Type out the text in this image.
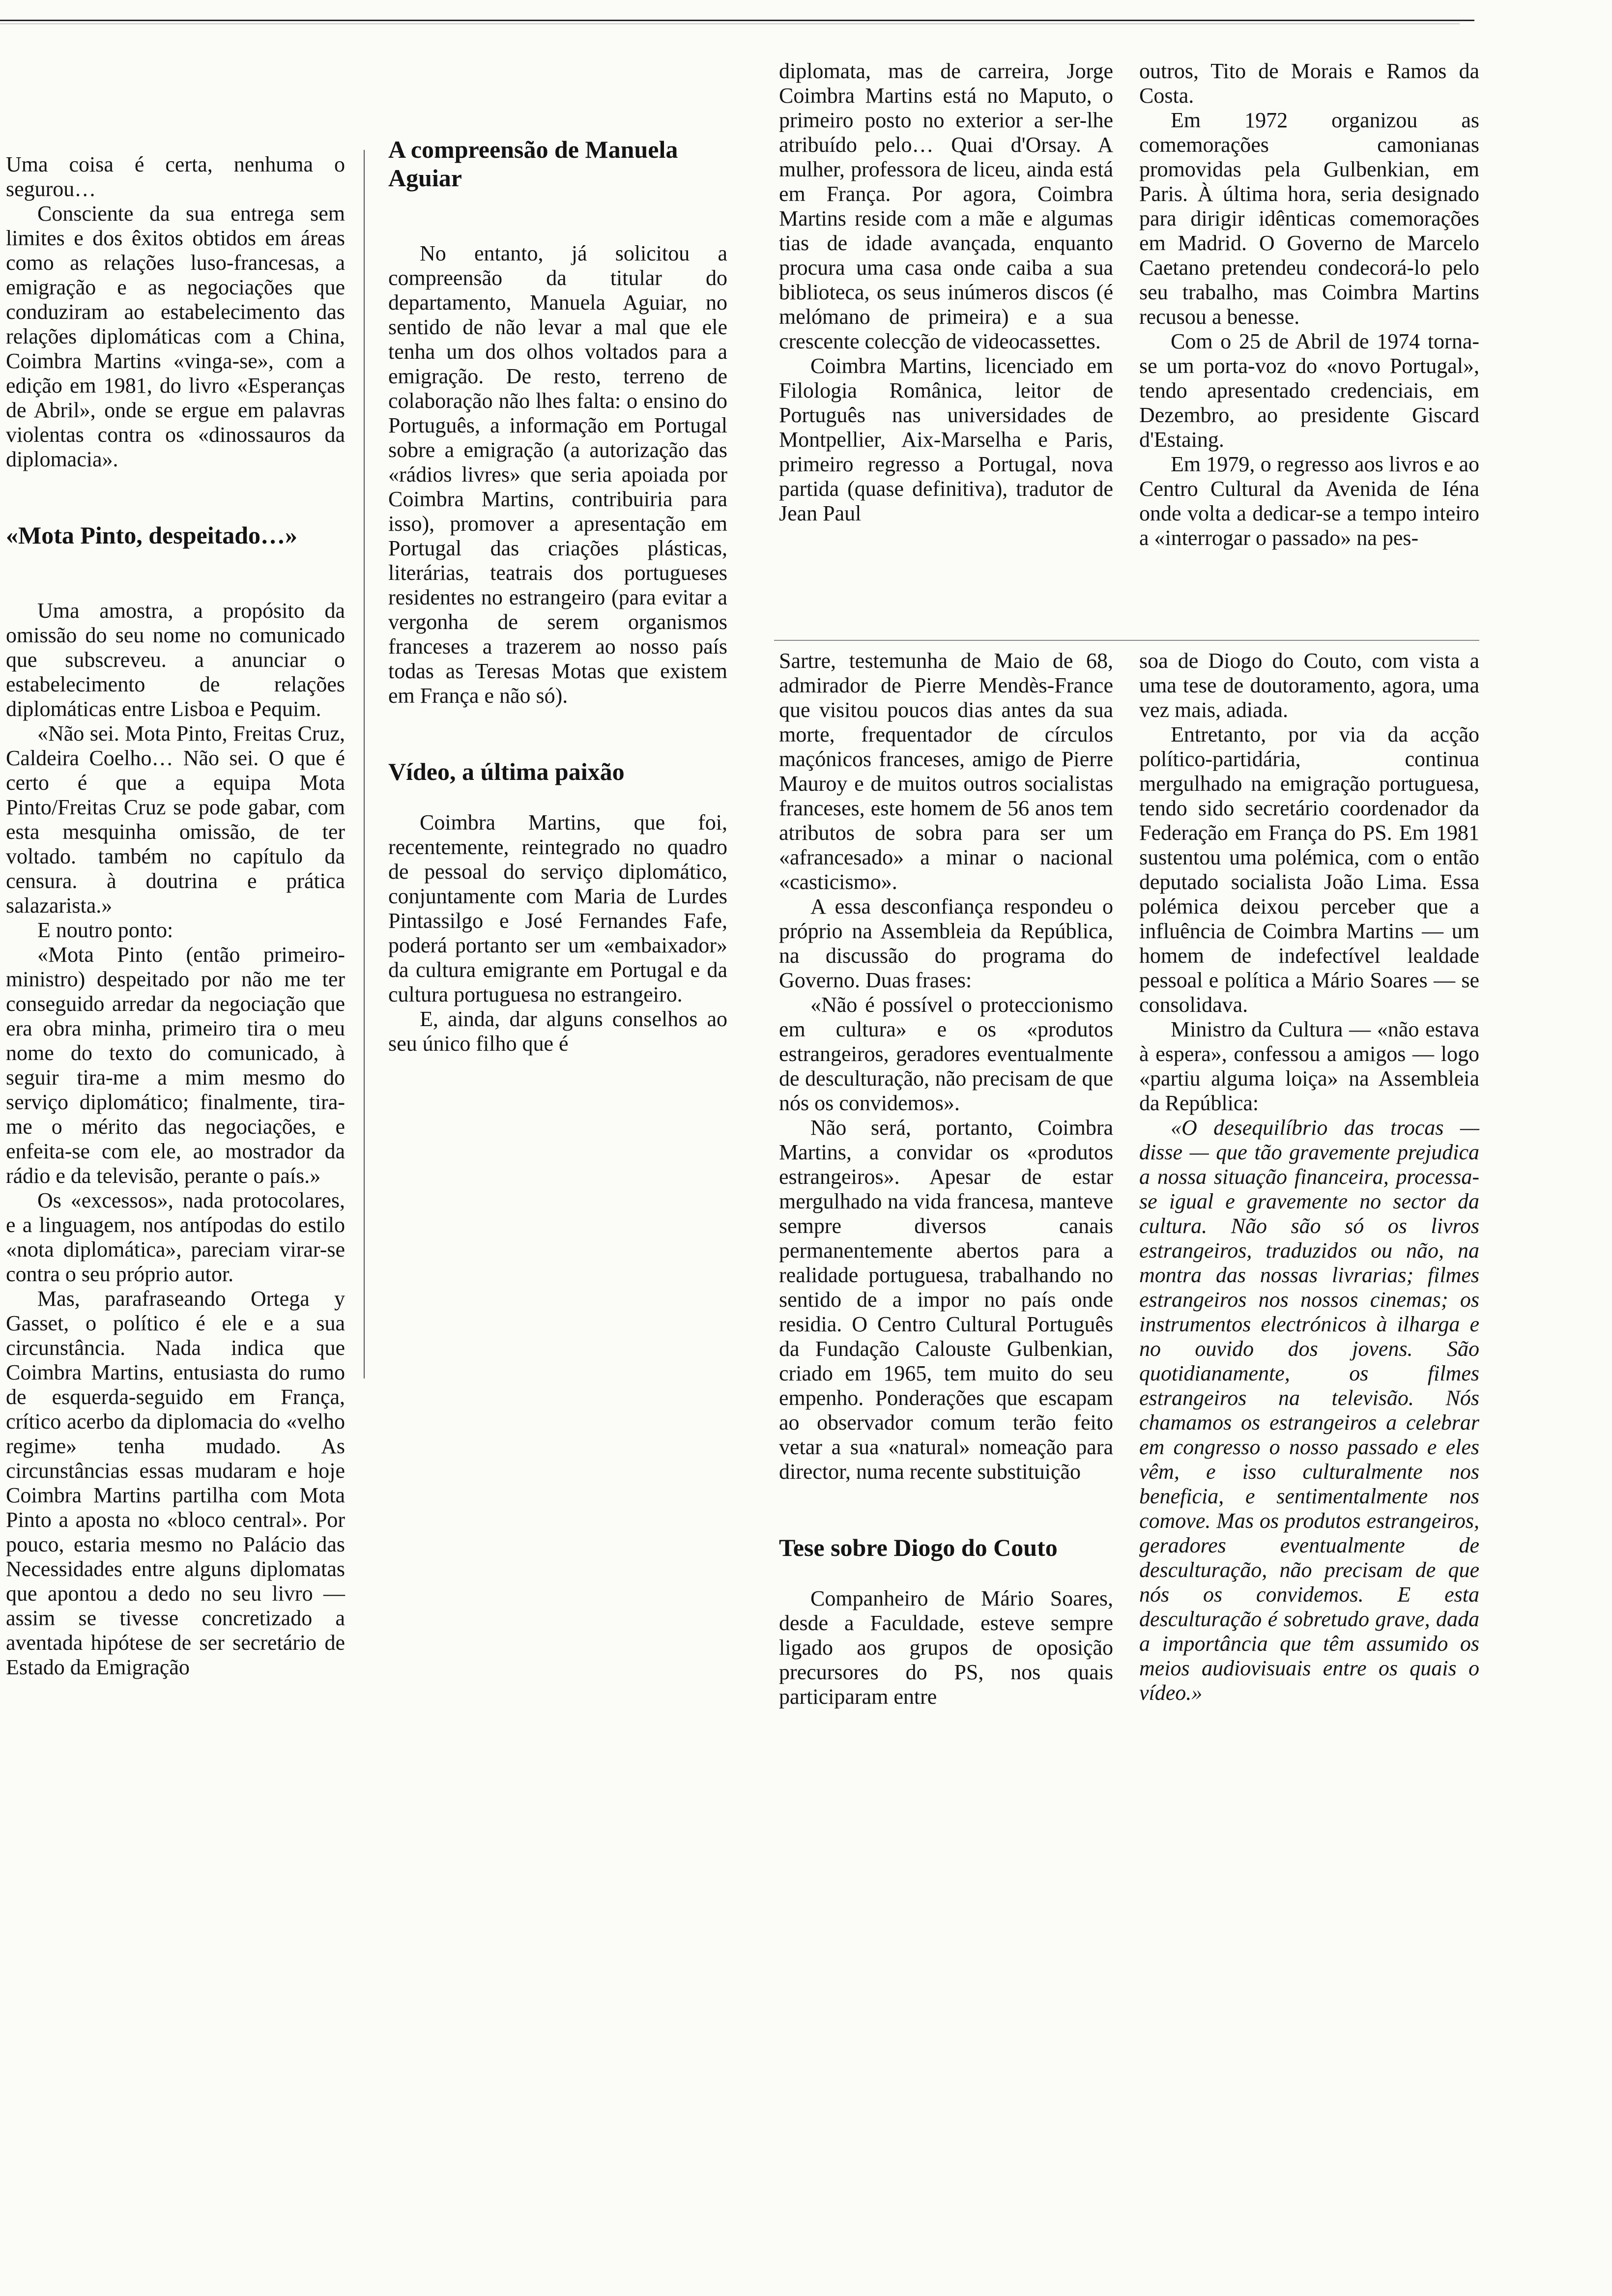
Uma coisa é certa, nenhuma o segurou…

Consciente da sua entrega sem limites e dos êxitos obtidos em áreas como as relações luso-francesas, a emigração e as negociações que conduziram ao estabelecimento das relações diplomáticas com a China, Coimbra Martins «vinga-se», com a edição em 1981, do livro «Esperanças de Abril», onde se ergue em palavras violentas contra os «dinossauros da diplomacia».

«Mota Pinto, despeitado…»

Uma amostra, a propósito da omissão do seu nome no comunicado que subscreveu. a anunciar o estabelecimento de relações diplomáticas entre Lisboa e Pequim.

«Não sei. Mota Pinto, Freitas Cruz, Caldeira Coelho… Não sei. O que é certo é que a equipa Mota Pinto/Freitas Cruz se pode gabar, com esta mesquinha omissão, de ter voltado. também no capítulo da censura. à doutrina e prática salazarista.»

E noutro ponto:

«Mota Pinto (então primeiro-ministro) despeitado por não me ter conseguido arredar da negociação que era obra minha, primeiro tira o meu nome do texto do comunicado, à seguir tira-me a mim mesmo do serviço diplomático; finalmente, tira-me o mérito das negociações, e enfeita-se com ele, ao mostrador da rádio e da televisão, perante o país.»

Os «excessos», nada protocolares, e a linguagem, nos antípodas do estilo «nota diplomática», pareciam virar-se contra o seu próprio autor.

Mas, parafraseando Ortega y Gasset, o político é ele e a sua circunstância. Nada indica que Coimbra Martins, entusiasta do rumo de esquerda-seguido em França, crítico acerbo da diplomacia do «velho regime» tenha mudado. As circunstâncias essas mudaram e hoje Coimbra Martins partilha com Mota Pinto a aposta no «bloco central». Por pouco, estaria mesmo no Palácio das Necessidades entre alguns diplomatas que apontou a dedo no seu livro — assim se tivesse concretizado a aventada hipótese de ser secretário de Estado da Emigração

A compreensão de Manuela Aguiar

No entanto, já solicitou a compreensão da titular do departamento, Manuela Aguiar, no sentido de não levar a mal que ele tenha um dos olhos voltados para a emigração. De resto, terreno de colaboração não lhes falta: o ensino do Português, a informação em Portugal sobre a emigração (a autorização das «rádios livres» que seria apoiada por Coimbra Martins, contribuiria para isso), promover a apresentação em Portugal das criações plásticas, literárias, teatrais dos portugueses residentes no estrangeiro (para evitar a vergonha de serem organismos franceses a trazerem ao nosso país todas as Teresas Motas que existem em França e não só).

Vídeo, a última paixão

Coimbra Martins, que foi, recentemente, reintegrado no quadro de pessoal do serviço diplomático, conjuntamente com Maria de Lurdes Pintassilgo e José Fernandes Fafe, poderá portanto ser um «embaixador» da cultura emigrante em Portugal e da cultura portuguesa no estrangeiro.

E, ainda, dar alguns conselhos ao seu único filho que é

diplomata, mas de carreira, Jorge Coimbra Martins está no Maputo, o primeiro posto no exterior a ser-lhe atribuído pelo… Quai d'Orsay. A mulher, professora de liceu, ainda está em França. Por agora, Coimbra Martins reside com a mãe e algumas tias de idade avançada, enquanto procura uma casa onde caiba a sua biblioteca, os seus inúmeros discos (é melómano de primeira) e a sua crescente colecção de videocassettes.

Coimbra Martins, licenciado em Filologia Românica, leitor de Português nas universidades de Montpellier, Aix-Marselha e Paris, primeiro regresso a Portugal, nova partida (quase definitiva), tradutor de Jean Paul

Sartre, testemunha de Maio de 68, admirador de Pierre Mendès-France que visitou poucos dias antes da sua morte, frequentador de círculos maçónicos franceses, amigo de Pierre Mauroy e de muitos outros socialistas franceses, este homem de 56 anos tem atributos de sobra para ser um «afrancesado» a minar o nacional «casticismo».

A essa desconfiança respondeu o próprio na Assembleia da República, na discussão do programa do Governo. Duas frases:

«Não é possível o proteccionismo em cultura» e os «produtos estrangeiros, geradores eventualmente de desculturação, não precisam de que nós os convidemos».

Não será, portanto, Coimbra Martins, a convidar os «produtos estrangeiros». Apesar de estar mergulhado na vida francesa, manteve sempre diversos canais permanentemente abertos para a realidade portuguesa, trabalhando no sentido de a impor no país onde residia. O Centro Cultural Português da Fundação Calouste Gulbenkian, criado em 1965, tem muito do seu empenho. Ponderações que escapam ao observador comum terão feito vetar a sua «natural» nomeação para director, numa recente substituição

Tese sobre Diogo do Couto

Companheiro de Mário Soares, desde a Faculdade, esteve sempre ligado aos grupos de oposição precursores do PS, nos quais participaram entre

outros, Tito de Morais e Ramos da Costa.

Em 1972 organizou as comemorações camonianas promovidas pela Gulbenkian, em Paris. À última hora, seria designado para dirigir idênticas comemorações em Madrid. O Governo de Marcelo Caetano pretendeu condecorá-lo pelo seu trabalho, mas Coimbra Martins recusou a benesse.

Com o 25 de Abril de 1974 torna-se um porta-voz do «novo Portugal», tendo apresentado credenciais, em Dezembro, ao presidente Giscard d'Estaing.

Em 1979, o regresso aos livros e ao Centro Cultural da Avenida de Iéna onde volta a dedicar-se a tempo inteiro a «interrogar o passado» na pes-

soa de Diogo do Couto, com vista a uma tese de doutoramento, agora, uma vez mais, adiada.

Entretanto, por via da acção político-partidária, continua mergulhado na emigração portuguesa, tendo sido secretário coordenador da Federação em França do PS. Em 1981 sustentou uma polémica, com o então deputado socialista João Lima. Essa polémica deixou perceber que a influência de Coimbra Martins — um homem de indefectível lealdade pessoal e política a Mário Soares — se consolidava.

Ministro da Cultura — «não estava à espera», confessou a amigos — logo «partiu alguma loiça» na Assembleia da República:

«O desequilíbrio das trocas — disse — que tão gravemente prejudica a nossa situação financeira, processa-se igual e gravemente no sector da cultura. Não são só os livros estrangeiros, traduzidos ou não, na montra das nossas livrarias; filmes estrangeiros nos nossos cinemas; os instrumentos electrónicos à ilharga e no ouvido dos jovens. São quotidianamente, os filmes estrangeiros na televisão. Nós chamamos os estrangeiros a celebrar em congresso o nosso passado e eles vêm, e isso culturalmente nos beneficia, e sentimentalmente nos comove. Mas os produtos estrangeiros, geradores eventualmente de desculturação, não precisam de que nós os convidemos. E esta desculturação é sobretudo grave, dada a importância que têm assumido os meios audiovisuais entre os quais o vídeo.»
